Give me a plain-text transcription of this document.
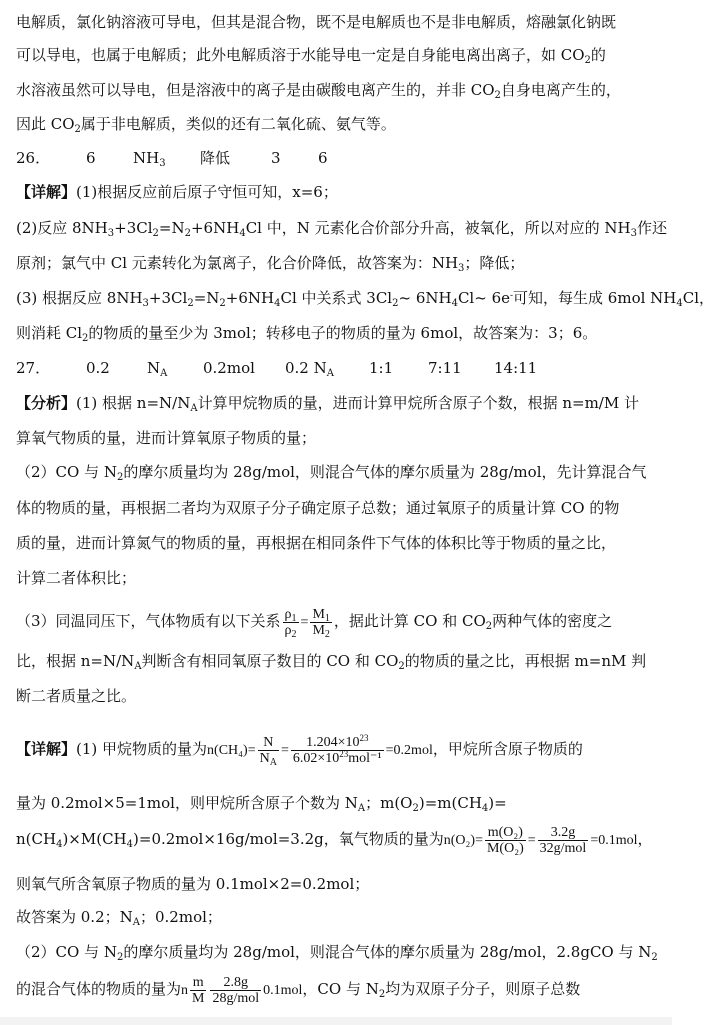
电解质，氯化钠溶液可导电，但其是混合物，既不是电解质也不是非电解质，熔融氯化钠既
可以导电，也属于电解质；此外电解质溶于水能导电一定是自身能电离出离子，如 $CO_2$的
水溶液虽然可以导电，但是溶液中的离子是由碳酸电离产生的，并非 $CO_2$自身电离产生的，
因此 $CO_2$属于非电解质，类似的还有二氧化硫、氨气等。
26． 6 $NH_3$ 降低	3 6
【详解】(1)根据反应前后原子守恒可知，x=6；
(2)反应 $8NH_3+3Cl_2=N_2+6NH_4Cl$ 中，N 元素化合价部分升高，被氧化，所以对应的 $NH_3$作还
原剂；氯气中 Cl 元素转化为氯离子，化合价降低，故答案为：$NH_3$；降低；
(3) 根据反应 $8NH_3+3Cl_2=N_2+6NH_4Cl$ 中关系式 $3Cl_2\sim$ $6NH_4Cl\sim$ 6e-可知，每生成 6mol $NH_4Cl$，
则消耗 $Cl_2$的物质的量至少为 3mol；转移电子的物质的量为 6mol，故答案为：3；6。
27． 0.2 $N_A$ 0.2mol 0.2 $N_A$ 1:1 7:11 14:11
【分析】(1) 根据 $n=N/N_A$计算甲烷物质的量，进而计算甲烷所含原子个数，根据 n=m/M 计
算氧气物质的量，进而计算氧原子物质的量；
（2）CO 与 $N_2$的摩尔质量均为 28g/mol，则混合气体的摩尔质量为 28g/mol，先计算混合气
体的物质的量，再根据二者均为双原子分子确定原子总数；通过氧原子的质量计算 CO 的物
质的量，进而计算氮气的物质的量，再根据在相同条件下气体的体积比等于物质的量之比，
计算二者体积比；
（3）同温同压下，气体物质有以下关系 $\frac{\rho_1}{\rho_2} = \frac{M_1}{M_2}$ ，据此计算 CO 和 $CO_2$两种气体的密度之
比，根据 $n=N/N_A$判断含有相同氧原子数目的 CO 和 $CO_2$的物质的量之比，再根据 m=nM 判
断二者质量之比。
【详解】(1) 甲烷物质的量为$n(CH_4)= \frac{N}{N_A} = \frac{1.204\times 10^{23}}{6.02\times 10^{23}mol^{-1}} =0.2mol$，甲烷所含原子物质的
量为 0.2mol×5=1mol，则甲烷所含原子个数为 $N_A$；$m(O_2)=m(CH_4)=$
$n(CH_4)\times M(CH_4)=0.2mol\times 16g/mol=3.2g$，氧气物质的量为$n(O_2)= \frac{\text{m(O₂)}}{\text{M(O₂)}} = \frac{3.2g}{\text{32g/mol}} =0.1mol$，
则氧气所含氧原子物质的量为 0.1mol×2=0.2mol；
故答案为 0.2；$N_A$；0.2mol；
（2）CO 与 $N_2$的摩尔质量均为 28g/mol，则混合气体的摩尔质量为 28g/mol，2.8gCO 与 $N_2$
的混合气体的物质的量为n $\frac{m}{M} \frac{2.8g}{\text{28g/mol}} 0.1mol$，CO 与 $N_2$均为双原子分子，则原子总数
